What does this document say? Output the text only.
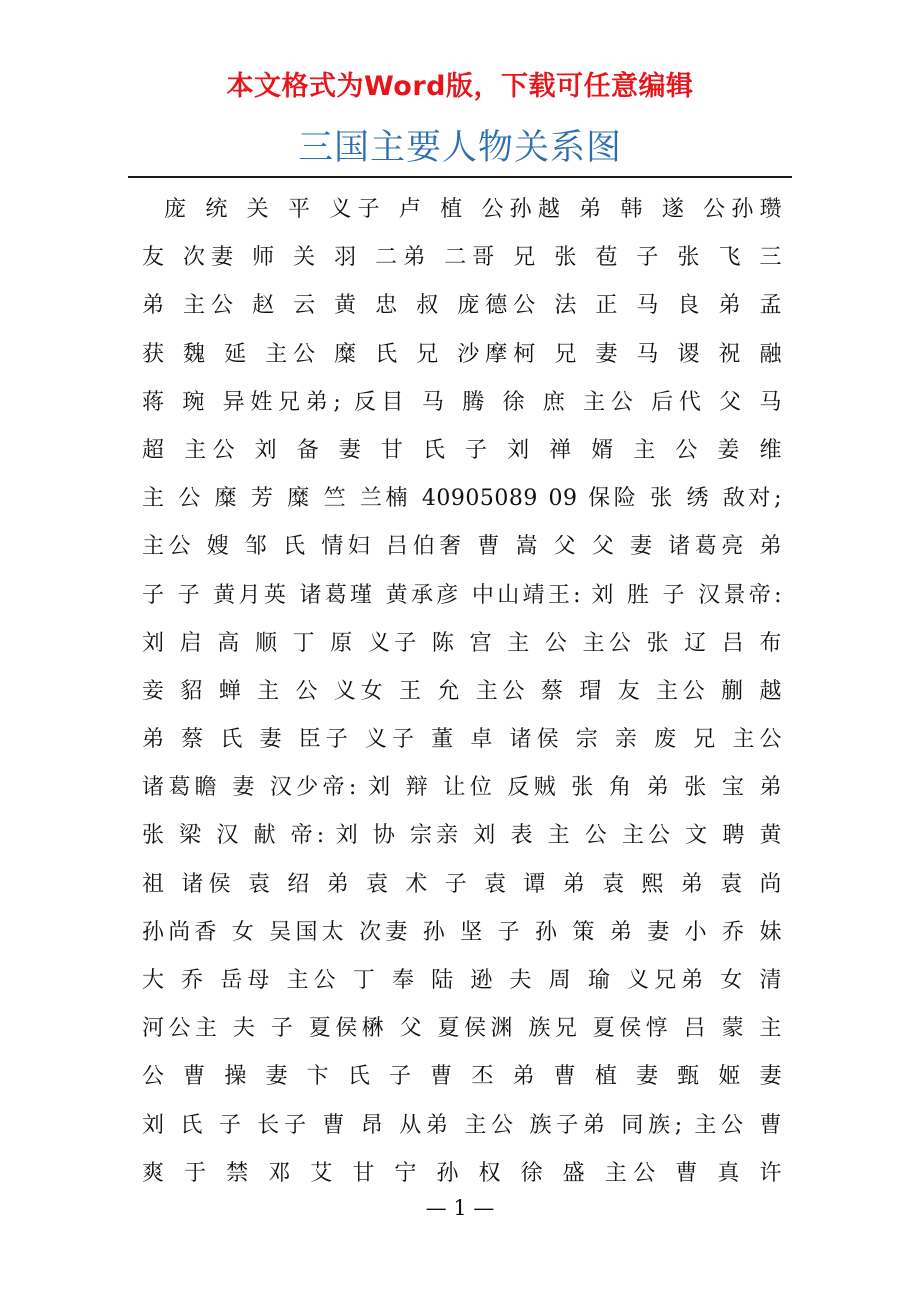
本文格式为Word版，下载可任意编辑
三国主要人物关系图
庞 统 关 平 义子 卢 植 公孙越 弟 韩 遂 公孙瓒
友 次妻 师 关 羽 二弟 二哥 兄 张 苞 子 张 飞 三
弟 主公 赵 云 黄 忠 叔 庞德公 法 正 马 良 弟 孟
获 魏 延 主公 糜 氏 兄 沙摩柯 兄 妻 马 谡 祝 融
蒋 琬 异姓兄弟; 反目 马 腾 徐 庶 主公 后代 父 马
超 主公 刘 备 妻 甘 氏 子 刘 禅 婿 主 公 姜 维
主 公 糜 芳 糜 竺 兰楠 40905089 09 保险 张 绣 敌对;
主公 嫂 邹 氏 情妇 吕伯奢 曹 嵩 父 父 妻 诸葛亮 弟
子 子 黄月英 诸葛瑾 黄承彦 中山靖王: 刘 胜 子 汉景帝:
刘 启 高 顺 丁 原 义子 陈 宫 主 公 主公 张 辽 吕 布
妾 貂 蝉 主 公 义女 王 允 主公 蔡 瑁 友 主公 蒯 越
弟 蔡 氏 妻 臣子 义子 董 卓 诸侯 宗 亲 废 兄 主公
诸葛瞻 妻 汉少帝: 刘 辩 让位 反贼 张 角 弟 张 宝 弟
张 梁 汉 献 帝: 刘 协 宗亲 刘 表 主 公 主公 文 聘 黄
祖 诸侯 袁 绍 弟 袁 术 子 袁 谭 弟 袁 熙 弟 袁 尚
孙尚香 女 吴国太 次妻 孙 坚 子 孙 策 弟 妻 小 乔 妹
大 乔 岳母 主公 丁 奉 陆 逊 夫 周 瑜 义兄弟 女 清
河公主 夫 子 夏侯楙 父 夏侯渊 族兄 夏侯惇 吕 蒙 主
公 曹 操 妻 卞 氏 子 曹 丕 弟 曹 植 妻 甄 姬 妻
刘 氏 子 长子 曹 昂 从弟 主公 族子弟 同族; 主公 曹
爽 于 禁 邓 艾 甘 宁 孙 权 徐 盛 主公 曹 真 许
— 1 —
